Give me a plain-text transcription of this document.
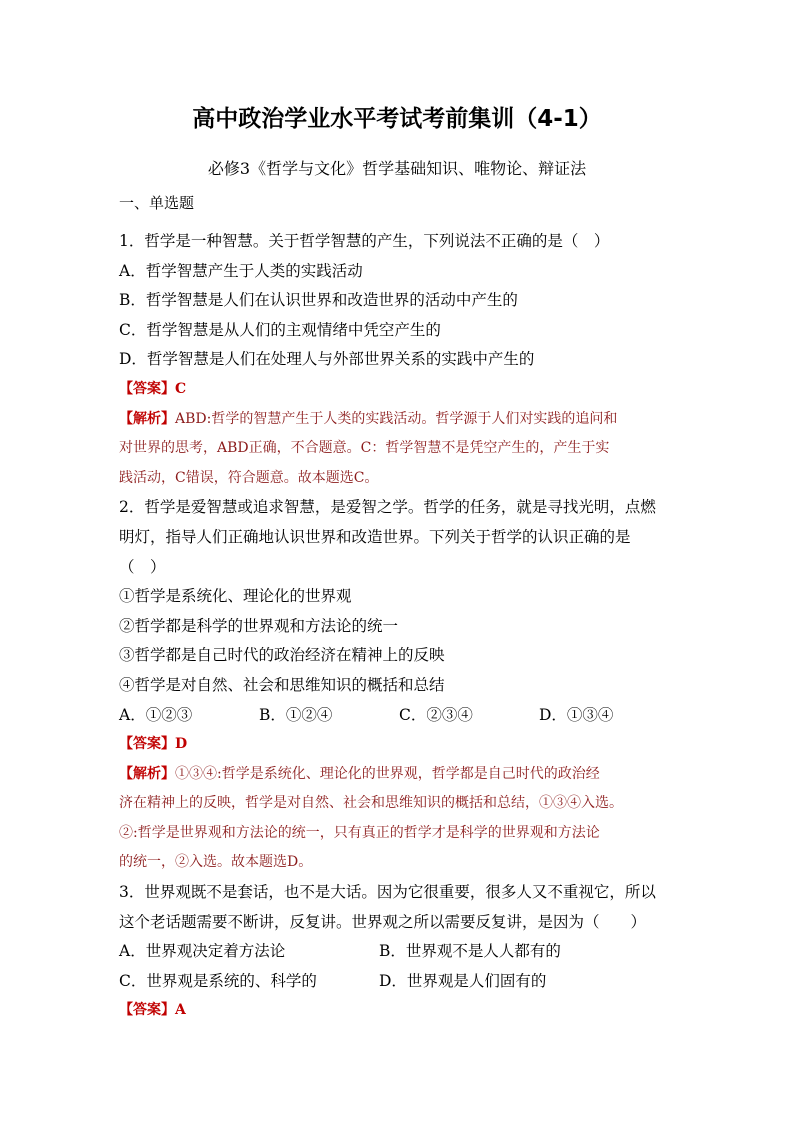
高中政治学业水平考试考前集训（4-1）
必修3《哲学与文化》哲学基础知识、唯物论、辩证法
一、单选题
1．哲学是一种智慧。关于哲学智慧的产生，下列说法不正确的是（　）
A．哲学智慧产生于人类的实践活动
B．哲学智慧是人们在认识世界和改造世界的活动中产生的
C．哲学智慧是从人们的主观情绪中凭空产生的
D．哲学智慧是人们在处理人与外部世界关系的实践中产生的
【答案】C
【解析】ABD:哲学的智慧产生于人类的实践活动。哲学源于人们对实践的追问和
对世界的思考，ABD正确，不合题意。C：哲学智慧不是凭空产生的，产生于实
践活动，C错误，符合题意。故本题选C。
2．哲学是爱智慧或追求智慧，是爱智之学。哲学的任务，就是寻找光明，点燃
明灯，指导人们正确地认识世界和改造世界。下列关于哲学的认识正确的是
（　）
①哲学是系统化、理论化的世界观
②哲学都是科学的世界观和方法论的统一
③哲学都是自己时代的政治经济在精神上的反映
④哲学是对自然、社会和思维知识的概括和总结
A．①②③	B．①②④	C．②③④	D．①③④
【答案】D
【解析】①③④:哲学是系统化、理论化的世界观，哲学都是自己时代的政治经
济在精神上的反映，哲学是对自然、社会和思维知识的概括和总结，①③④入选。
②:哲学是世界观和方法论的统一，只有真正的哲学才是科学的世界观和方法论
的统一，②入选。故本题选D。
3．世界观既不是套话，也不是大话。因为它很重要，很多人又不重视它，所以
这个老话题需要不断讲，反复讲。世界观之所以需要反复讲，是因为（　　）
A．世界观决定着方法论	B．世界观不是人人都有的
C．世界观是系统的、科学的	D．世界观是人们固有的
【答案】A
